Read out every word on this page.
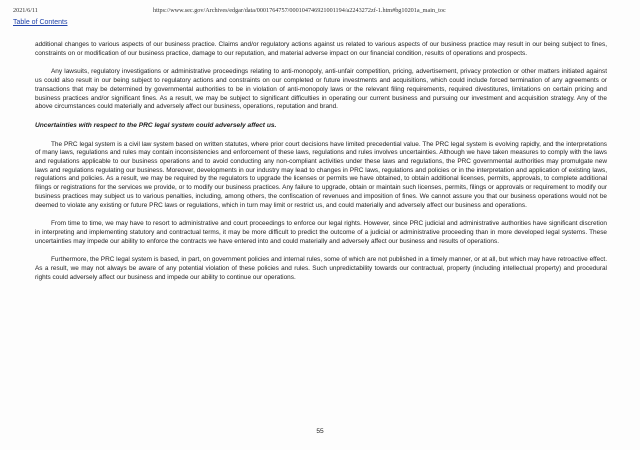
2021/6/11	https://www.sec.gov/Archives/edgar/data/0001764757/000104746921001194/a2243272zf-1.htm#bg10201a_main_toc
Table of Contents

additional changes to various aspects of our business practice. Claims and/or regulatory actions against us related to various aspects of our business practice may result in our being subject to fines, constraints on or modification of our business practice, damage to our reputation, and material adverse impact on our financial condition, results of operations and prospects.

Any lawsuits, regulatory investigations or administrative proceedings relating to anti-monopoly, anti-unfair competition, pricing, advertisement, privacy protection or other matters initiated against us could also result in our being subject to regulatory actions and constraints on our completed or future investments and acquisitions, which could include forced termination of any agreements or transactions that may be determined by governmental authorities to be in violation of anti-monopoly laws or the relevant filing requirements, required divestitures, limitations on certain pricing and business practices and/or significant fines. As a result, we may be subject to significant difficulties in operating our current business and pursuing our investment and acquisition strategy. Any of the above circumstances could materially and adversely affect our business, operations, reputation and brand.

Uncertainties with respect to the PRC legal system could adversely affect us.

The PRC legal system is a civil law system based on written statutes, where prior court decisions have limited precedential value. The PRC legal system is evolving rapidly, and the interpretations of many laws, regulations and rules may contain inconsistencies and enforcement of these laws, regulations and rules involves uncertainties. Although we have taken measures to comply with the laws and regulations applicable to our business operations and to avoid conducting any non-compliant activities under these laws and regulations, the PRC governmental authorities may promulgate new laws and regulations regulating our business. Moreover, developments in our industry may lead to changes in PRC laws, regulations and policies or in the interpretation and application of existing laws, regulations and policies. As a result, we may be required by the regulators to upgrade the licenses or permits we have obtained, to obtain additional licenses, permits, approvals, to complete additional filings or registrations for the services we provide, or to modify our business practices. Any failure to upgrade, obtain or maintain such licenses, permits, filings or approvals or requirement to modify our business practices may subject us to various penalties, including, among others, the confiscation of revenues and imposition of fines. We cannot assure you that our business operations would not be deemed to violate any existing or future PRC laws or regulations, which in turn may limit or restrict us, and could materially and adversely affect our business and operations.

From time to time, we may have to resort to administrative and court proceedings to enforce our legal rights. However, since PRC judicial and administrative authorities have significant discretion in interpreting and implementing statutory and contractual terms, it may be more difficult to predict the outcome of a judicial or administrative proceeding than in more developed legal systems. These uncertainties may impede our ability to enforce the contracts we have entered into and could materially and adversely affect our business and results of operations.

Furthermore, the PRC legal system is based, in part, on government policies and internal rules, some of which are not published in a timely manner, or at all, but which may have retroactive effect. As a result, we may not always be aware of any potential violation of these policies and rules. Such unpredictability towards our contractual, property (including intellectual property) and procedural rights could adversely affect our business and impede our ability to continue our operations.

55
